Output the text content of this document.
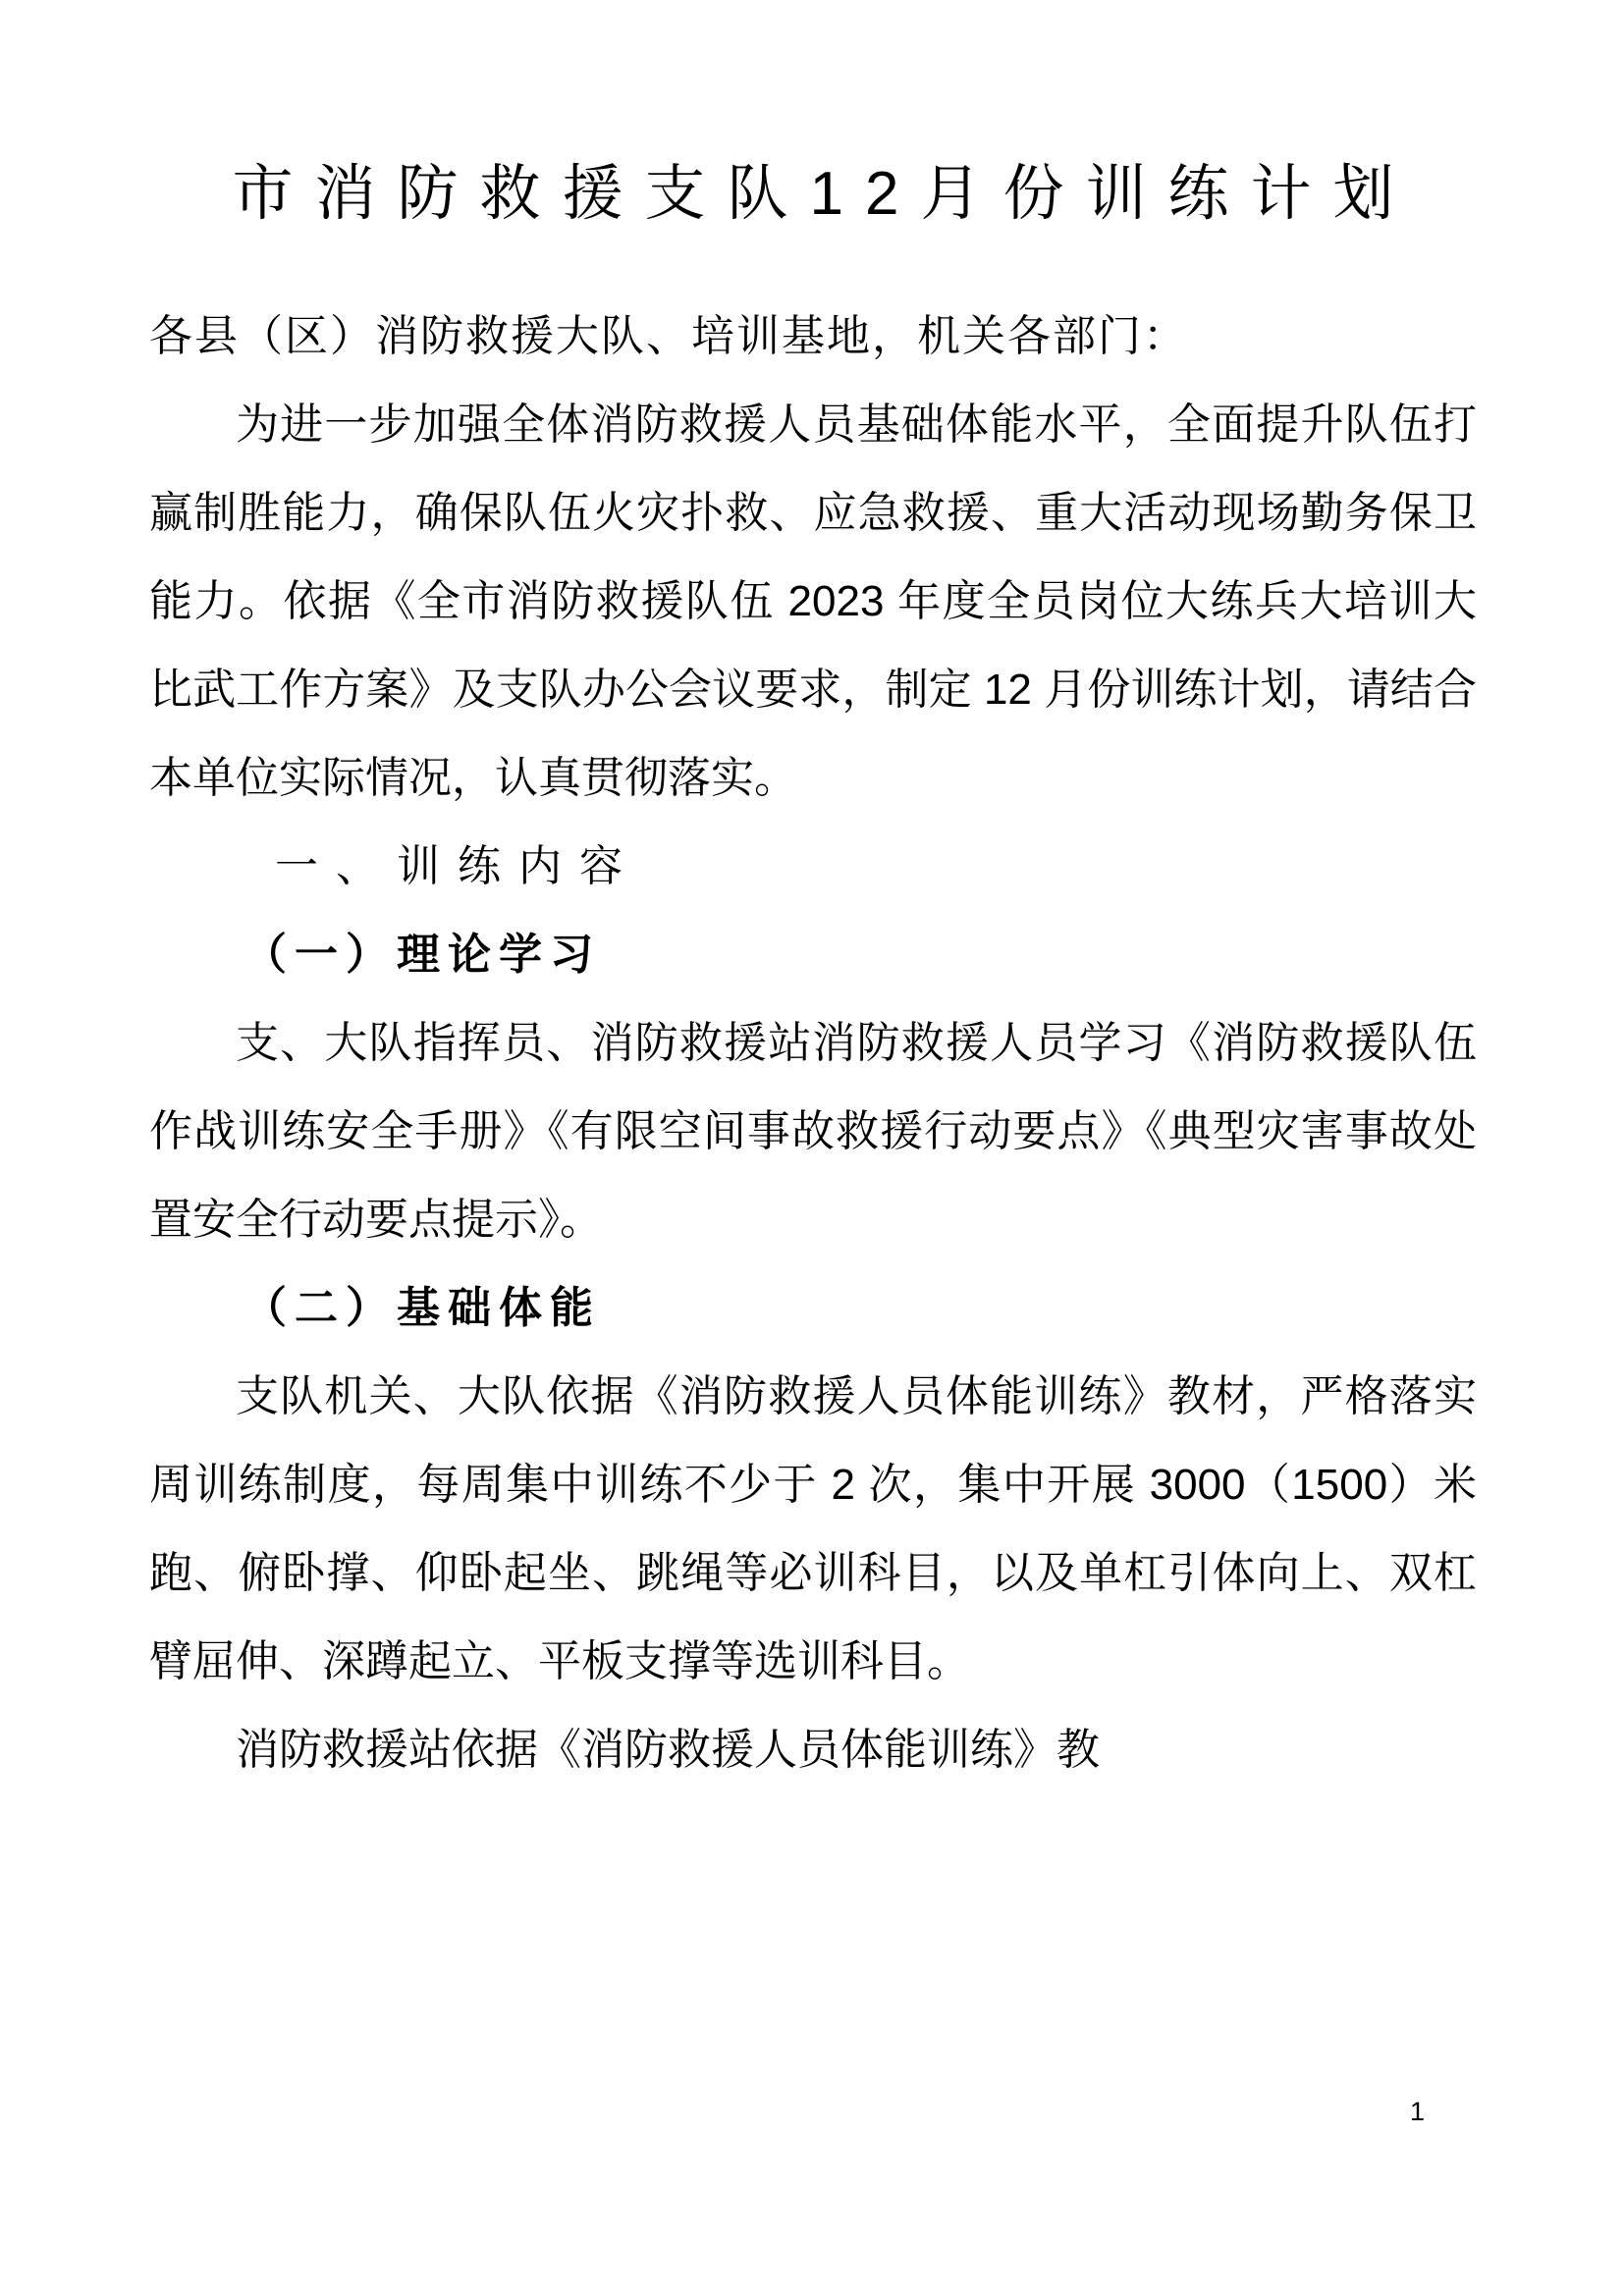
市消防救援支队12月份训练计划

各县（区）消防救援大队、培训基地，机关各部门：

为进一步加强全体消防救援人员基础体能水平，全面提升队伍打赢制胜能力，确保队伍火灾扑救、应急救援、重大活动现场勤务保卫能力。依据《全市消防救援队伍 2023 年度全员岗位大练兵大培训大比武工作方案》及支队办公会议要求，制定 12 月份训练计划，请结合本单位实际情况，认真贯彻落实。

一、训练内容

（一）理论学习

支、大队指挥员、消防救援站消防救援人员学习《消防救援队伍作战训练安全手册》《有限空间事故救援行动要点》《典型灾害事故处置安全行动要点提示》。

（二）基础体能

支队机关、大队依据《消防救援人员体能训练》教材，严格落实周训练制度，每周集中训练不少于 2 次，集中开展 3000（1500）米跑、俯卧撑、仰卧起坐、跳绳等必训科目，以及单杠引体向上、双杠臂屈伸、深蹲起立、平板支撑等选训科目。

消防救援站依据《消防救援人员体能训练》教

1
